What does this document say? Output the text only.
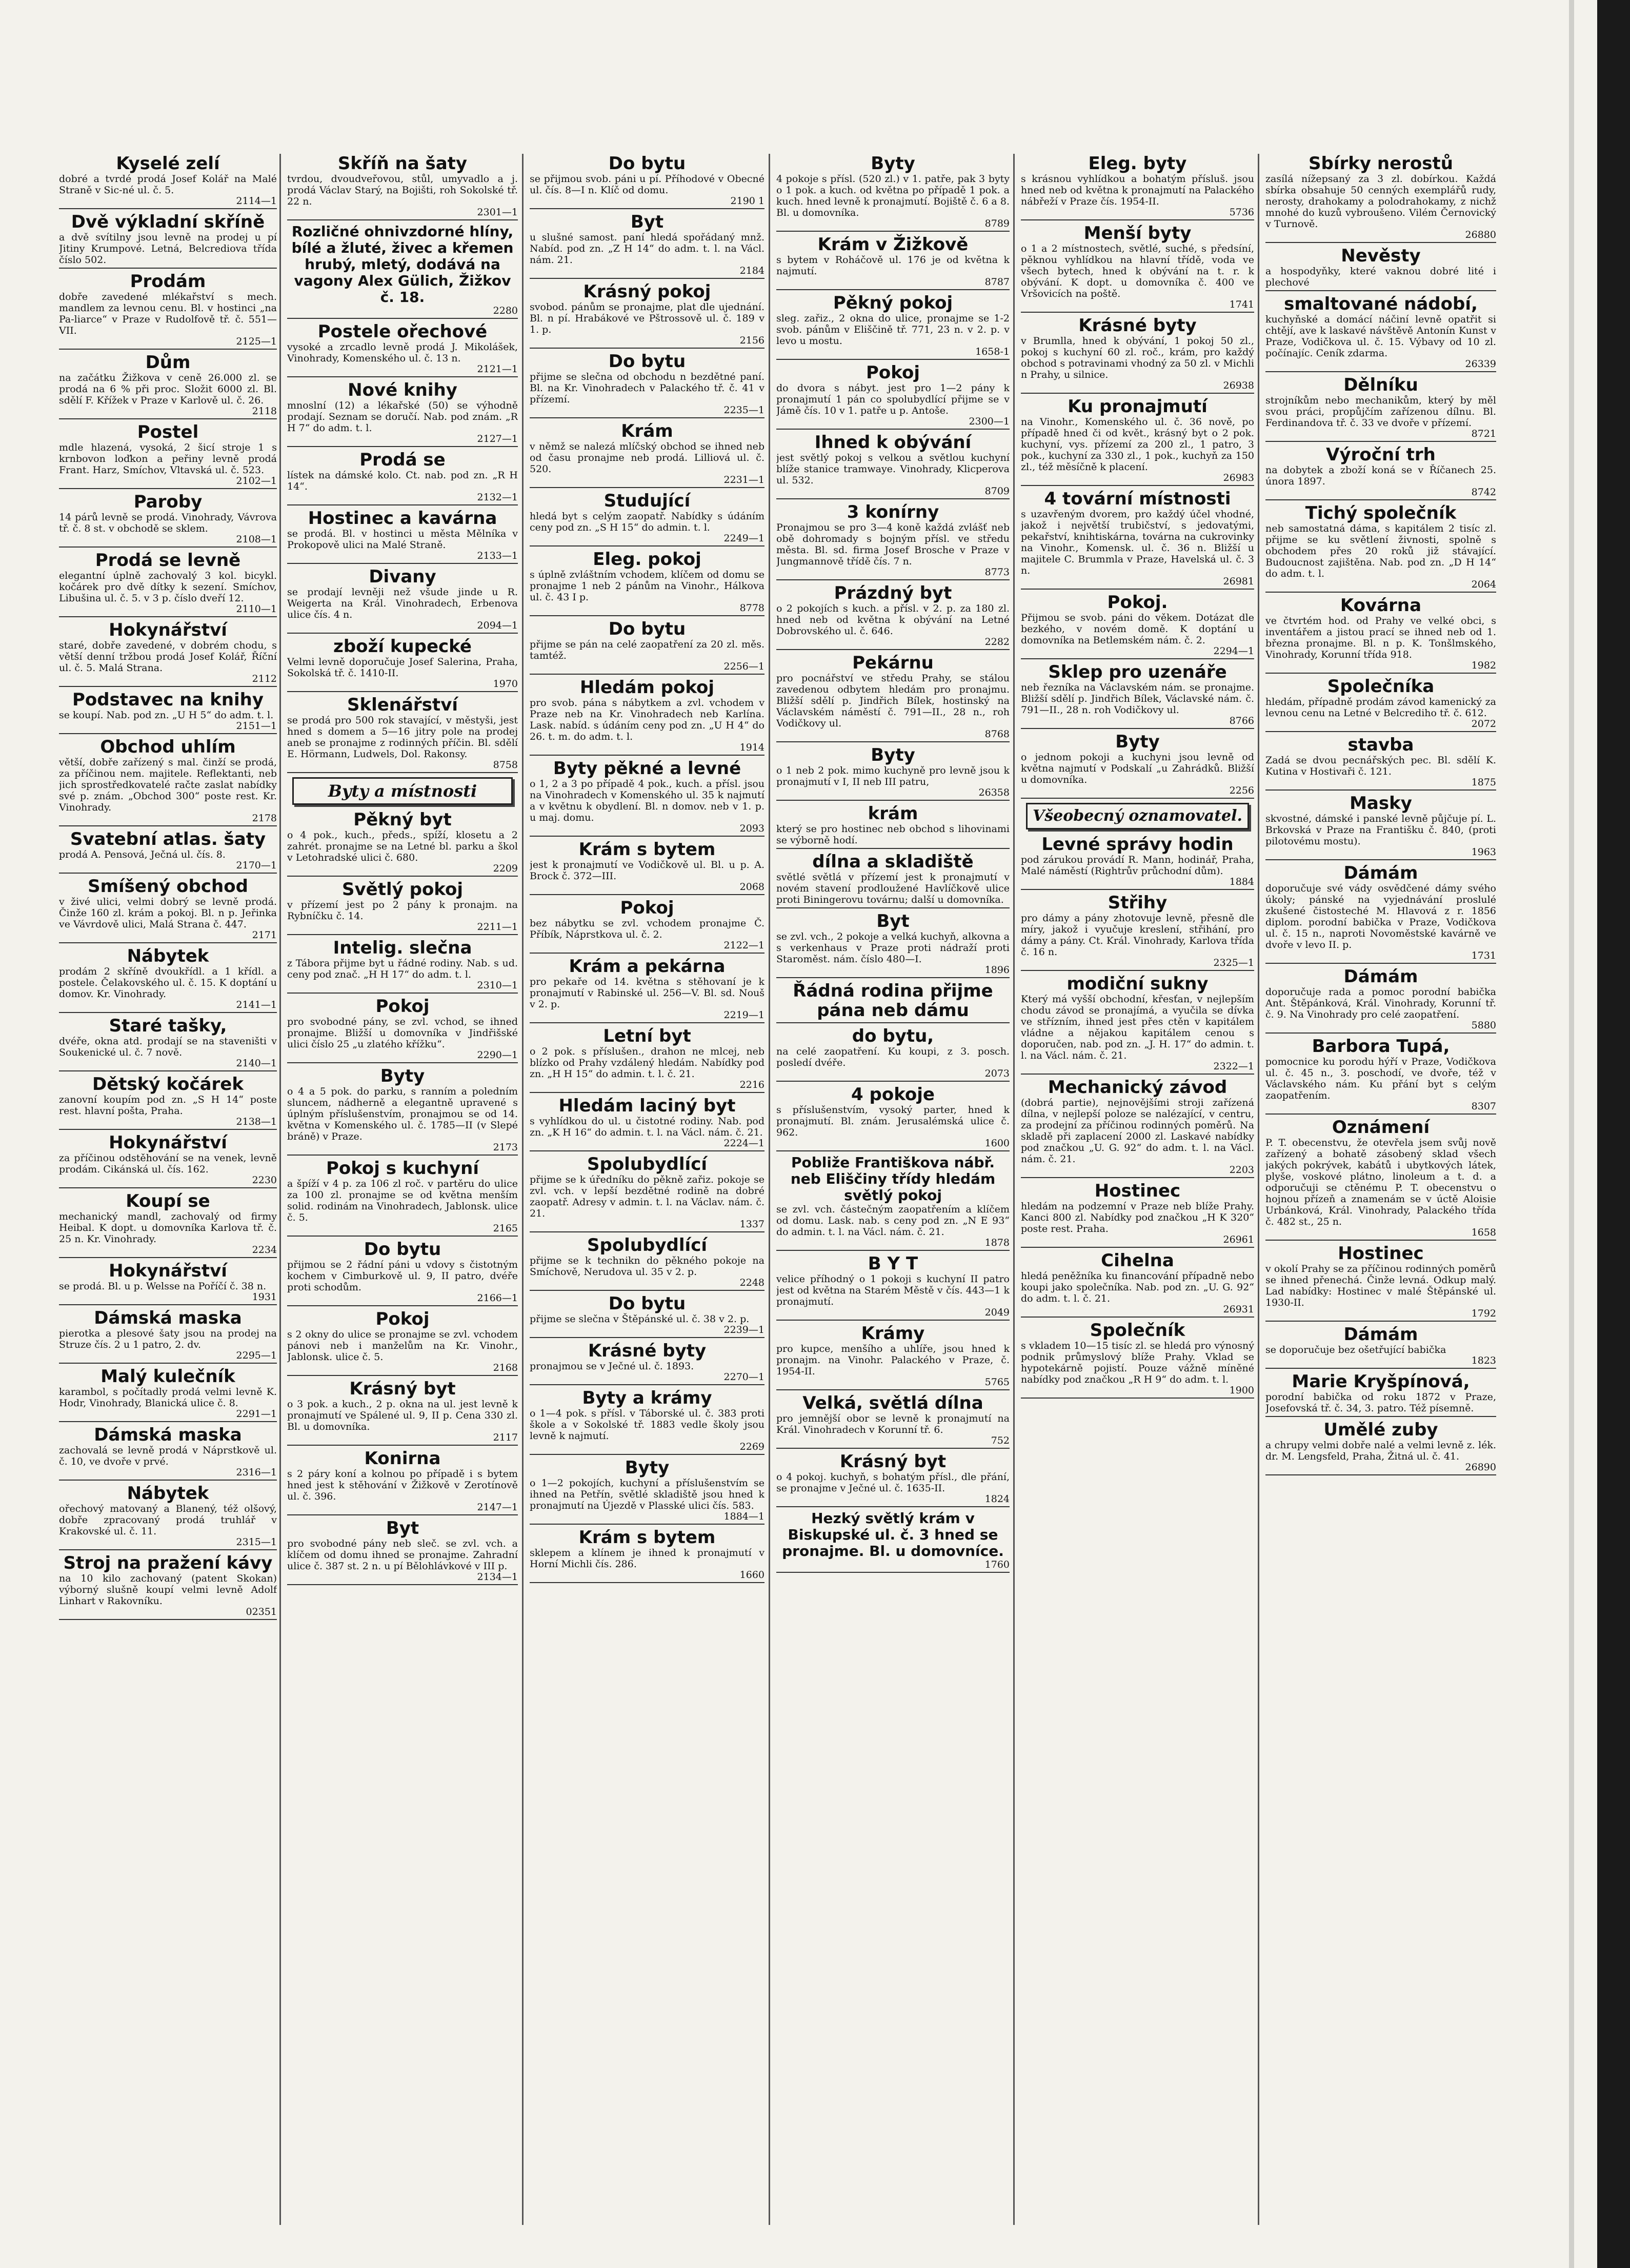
Kyselé zelí
dobré a tvrdé prodá Josef Kolář na Malé Straně v Sic-né ul. č. 5.
2114—1
Dvě výkladní skříně
a dvě svítilny jsou levně na prodej u pí Jitiny Krumpové. Letná, Belcrediova třída číslo 502.
Prodám
dobře zavedené mlékařství s mech. mandlem za levnou cenu. Bl. v hostinci „na Pa-liarce“ v Praze v Rudolfově tř. č. 551—VII.
2125—1
Dům
na začátku Žižkova v ceně 26.000 zl. se prodá na 6 % při proc. Složit 6000 zl. Bl. sdělí F. Křížek v Praze v Karlově ul. č. 26.
2118
Postel
mdle hlazená, vysoká, 2 šicí stroje 1 s krnbovon loďkon a peřiny levně prodá Frant. Harz, Smíchov, Vltavská ul. č. 523.
2102—1
Paroby
14 párů levně se prodá. Vinohrady, Vávrova tř. č. 8 st. v obchodě se sklem.
2108—1
Prodá se levně
elegantní úplně zachovalý 3 kol. bicykl. kočárek pro dvě dítky k sezení. Smíchov, Libušina ul. č. 5. v 3 p. číslo dveří 12.
2110—1
Hokynářství
staré, dobře zavedené, v dobrém chodu, s větší denní tržbou prodá Josef Kolář, Říční ul. č. 5. Malá Strana.
2112
Podstavec na knihy
se koupí. Nab. pod zn. „U H 5“ do adm. t. l.
2151—1
Obchod uhlím
větší, dobře zařízený s mal. činží se prodá, za příčinou nem. majitele. Reflektanti, neb jich sprostředkovatelé račte zaslat nabídky své p. znám. „Obchod 300“ poste rest. Kr. Vinohrady.
2178
Svatební atlas. šaty
prodá A. Pensová, Ječná ul. čís. 8.
2170—1
Smíšený obchod
v živé ulici, velmi dobrý se levně prodá. Činže 160 zl. krám a pokoj. Bl. n p. Jeřinka ve Vávrdově ulici, Malá Strana č. 447.
2171
Nábytek
prodám 2 skříně dvoukřídl. a 1 křídl. a postele. Čelakovského ul. č. 15. K doptání u domov. Kr. Vinohrady.
2141—1
Staré tašky,
dvéře, okna atd. prodají se na staveništi v Soukenické ul. č. 7 nově.
2140—1
Dětský kočárek
zanovní koupím pod zn. „S H 14“ poste rest. hlavní pošta, Praha.
2138—1
Hokynářství
za příčinou odstěhování se na venek, levně prodám. Cikánská ul. čís. 162.
2230
Koupí se
mechanický mandl, zachovalý od firmy Heibal. K dopt. u domovníka Karlova tř. č. 25 n. Kr. Vinohrady.
2234
Hokynářství
se prodá. Bl. u p. Welsse na Poříčí č. 38 n.
1931
Dámská maska
pierotka a plesové šaty jsou na prodej na Struze čís. 2 u 1 patro, 2. dv.
2295—1
Malý kulečník
karambol, s počítadly prodá velmi levně K. Hodr, Vinohrady, Blanická ulice č. 8.
2291—1
Dámská maska
zachovalá se levně prodá v Náprstkově ul. č. 10, ve dvoře v prvé.
2316—1
Nábytek
ořechový matovaný a Blanený, též olšový, dobře zpracovaný prodá truhlář v Krakovské ul. č. 11.
2315—1
Stroj na pražení kávy
na 10 kilo zachovaný (patent Skokan) výborný slušně koupí velmi levně Adolf Linhart v Rakovníku.
02351
Skříň na šaty
tvrdou, dvoudveřovou, stůl, umyvadlo a j. prodá Václav Starý, na Bojišti, roh Sokolské tř. 22 n.
2301—1
Rozličné ohnivzdorné hlíny, bílé a žluté, živec a křemen hrubý, mletý, dodává na vagony Alex Gülich, Žižkov č. 18.
2280
Postele ořechové
vysoké a zrcadlo levně prodá J. Mikolášek, Vinohrady, Komenského ul. č. 13 n.
2121—1
Nové knihy
mnoslní (12) a lékařské (50) se výhodně prodají. Seznam se doručí. Nab. pod znám. „R H 7“ do adm. t. l.
2127—1
Prodá se
lístek na dámské kolo. Ct. nab. pod zn. „R H 14“.
2132—1
Hostinec a kavárna
se prodá. Bl. v hostinci u města Mělníka v Prokopově ulici na Malé Straně.
2133—1
Divany
se prodají levněji než všude jinde u R. Weigerta na Král. Vinohradech, Erbenova ulice čís. 4 n.
2094—1
zboží kupecké
Velmi levně doporučuje Josef Salerina, Praha, Sokolská tř. č. 1410-II.
1970
Sklenářství
se prodá pro 500 rok stavající, v městyši, jest hned s domem a 5—16 jitry pole na prodej aneb se pronajme z rodinných příčin. Bl. sdělí E. Hörmann, Ludwels, Dol. Rakonsy.
8758
Byty a místnosti
Pěkný byt
o 4 pok., kuch., předs., spíží, klosetu a 2 zahrét. pronajme se na Letné bl. parku a škol v Letohradské ulici č. 680.
2209
Světlý pokoj
v přízemí jest po 2 pány k pronajm. na Rybníčku č. 14.
2211—1
Intelig. slečna
z Tábora přijme byt u řádné rodiny. Nab. s ud. ceny pod znač. „H H 17“ do adm. t. l.
2310—1
Pokoj
pro svobodné pány, se zvl. vchod, se ihned pronajme. Bližší u domovníka v Jindřišské ulici číslo 25 „u zlatého křížku“.
2290—1
Byty
o 4 a 5 pok. do parku, s ranním a poledním sluncem, nádherně a elegantně upravené s úplným příslušenstvím, pronajmou se od 14. května v Komenského ul. č. 1785—II (v Slepé bráně) v Praze.
2173
Pokoj s kuchyní
a špíží v 4 p. za 106 zl roč. v partěru do ulice za 100 zl. pronajme se od května menším solid. rodinám na Vinohradech, Jablonsk. ulice č. 5.
2165
Do bytu
přijmou se 2 řádní páni u vdovy s čistotným kochem v Cimburkově ul. 9, II patro, dvéře proti schodům.
2166—1
Pokoj
s 2 okny do ulice se pronajme se zvl. vchodem pánovi neb i manželům na Kr. Vinohr., Jablonsk. ulice č. 5.
2168
Krásný byt
o 3 pok. a kuch., 2 p. okna na ul. jest levně k pronajmutí ve Spálené ul. 9, II p. Cena 330 zl. Bl. u domovníka.
2117
Konirna
s 2 páry koní a kolnou po případě i s bytem hned jest k stěhování v Žižkově v Zerotínově ul. č. 396.
2147—1
Byt
pro svobodné pány neb sleč. se zvl. vch. a klíčem od domu ihned se pronajme. Zahradní ulice č. 387 st. 2 n. u pí Bělohlávkové v III p.
2134—1
Do bytu
se přijmou svob. páni u pí. Příhodové v Obecné ul. čís. 8—I n. Klíč od domu.
2190 1
Byt
u slušné samost. paní hledá spořádaný mnž. Nabíd. pod zn. „Z H 14“ do adm. t. l. na Václ. nám. 21.
2184
Krásný pokoj
svobod. pánům se pronajme, plat dle ujednání. Bl. n pí. Hrabákové ve Pštrossově ul. č. 189 v 1. p.
2156
Do bytu
přijme se slečna od obchodu n bezdětné paní. Bl. na Kr. Vinohradech v Palackého tř. č. 41 v přízemí.
2235—1
Krám
v němž se nalezá mlíčský obchod se ihned neb od času pronajme neb prodá. Lilliová ul. č. 520.
2231—1
Studující
hledá byt s celým zaopatř. Nabídky s údáním ceny pod zn. „S H 15“ do admin. t. l.
2249—1
Eleg. pokoj
s úplně zvláštním vchodem, klíčem od domu se pronajme 1 neb 2 pánům na Vinohr., Hálkova ul. č. 43 I p.
8778
Do bytu
přijme se pán na celé zaopatření za 20 zl. měs. tamtéž.
2256—1
Hledám pokoj
pro svob. pána s nábytkem a zvl. vchodem v Praze neb na Kr. Vinohradech neb Karlína. Lask. nabíd. s údáním ceny pod zn. „U H 4“ do 26. t. m. do adm. t. l.
1914
Byty pěkné a levné
o 1, 2 a 3 po případě 4 pok., kuch. a přísl. jsou na Vinohradech v Komenského ul. 35 k najmutí a v květnu k obydlení. Bl. n domov. neb v 1. p. u maj. domu.
2093
Krám s bytem
jest k pronajmutí ve Vodičkově ul. Bl. u p. A. Brock č. 372—III.
2068
Pokoj
bez nábytku se zvl. vchodem pronajme Č. Příbík, Náprstkova ul. č. 2.
2122—1
Krám a pekárna
pro pekaře od 14. května s stěhovaní je k pronajmutí v Rabinské ul. 256—V. Bl. sd. Nouš v 2. p.
2219—1
Letní byt
o 2 pok. s příslušen., drahon ne mlcej, neb blízko od Prahy vzdálený hledám. Nabídky pod zn. „H H 15“ do admin. t. l. č. 21.
2216
Hledám laciný byt
s vyhlídkou do ul. u čistotné rodiny. Nab. pod zn. „K H 16“ do admin. t. l. na Václ. nám. č. 21.
2224—1
Spolubydlící
přijme se k úředníku do pěkně zařiz. pokoje se zvl. vch. v lepší bezdětné rodině na dobré zaopatř. Adresy v admin. t. l. na Václav. nám. č. 21.
1337
Spolubydlící
přijme se k technikn do pěkného pokoje na Smíchově, Nerudova ul. 35 v 2. p.
2248
Do bytu
přijme se slečna v Štěpánské ul. č. 38 v 2. p.
2239—1
Krásné byty
pronajmou se v Ječné ul. č. 1893.
2270—1
Byty a krámy
o 1—4 pok. s přísl. v Táborské ul. č. 383 proti škole a v Sokolské tř. 1883 vedle školy jsou levně k najmutí.
2269
Byty
o 1—2 pokojích, kuchyní a příslušenstvím se ihned na Petřín, světlé skladiště jsou hned k pronajmutí na Újezdě v Plasské ulici čís. 583.
1884—1
Krám s bytem
sklepem a klínem je ihned k pronajmutí v Horní Michli čís. 286.
1660
Byty
4 pokoje s přísl. (520 zl.) v 1. patře, pak 3 byty o 1 pok. a kuch. od května po případě 1 pok. a kuch. hned levně k pronajmutí. Bojiště č. 6 a 8. Bl. u domovníka.
8789
Krám v Žižkově
s bytem v Roháčově ul. 176 je od května k najmutí.
8787
Pěkný pokoj
sleg. zařiz., 2 okna do ulice, pronajme se 1-2 svob. pánům v Eliščině tř. 771, 23 n. v 2. p. v levo u mostu.
1658-1
Pokoj
do dvora s nábyt. jest pro 1—2 pány k pronajmutí 1 pán co spolubydlící přijme se v Jámě čís. 10 v 1. patře u p. Antoše.
2300—1
Ihned k obývání
jest světlý pokoj s velkou a světlou kuchyní blíže stanice tramwaye. Vinohrady, Klicperova ul. 532.
8709
3 konírny
Pronajmou se pro 3—4 koně každá zvlášť neb obě dohromady s bojným přísl. ve středu města. Bl. sd. firma Josef Brosche v Praze v Jungmannově třídě čís. 7 n.
8773
Prázdný byt
o 2 pokojích s kuch. a přísl. v 2. p. za 180 zl. hned neb od května k obývání na Letné Dobrovského ul. č. 646.
2282
Pekárnu
pro pocnářství ve středu Prahy, se stálou zavedenou odbytem hledám pro pronajmu. Bližší sdělí p. Jindřich Bílek, hostinský na Václavském náměstí č. 791—II., 28 n., roh Vodičkovy ul.
8768
Byty
o 1 neb 2 pok. mimo kuchyně pro levně jsou k pronajmutí v I, II neb III patru,
26358
krám
který se pro hostinec neb obchod s lihovinami se výborně hodí.
dílna a skladiště
světlé světlá v přízemí jest k pronajmutí v novém stavení prodloužené Havlíčkově ulice proti Biningerovu továrnu; další u domovníka.
Byt
se zvl. vch., 2 pokoje a velká kuchyň, alkovna a s verkenhaus v Praze proti nádraží proti Staroměst. nám. číslo 480—I.
1896
Řádná rodina přijme pána neb dámu
do bytu,
na celé zaopatření. Ku koupi, z 3. posch. posledí dvéře.
2073
4 pokoje
s příslušenstvím, vysoký parter, hned k pronajmutí. Bl. znám. Jerusalémská ulice č. 962.
1600
Pobliže Františkova nábř. neb Eliščiny třídy hledám světlý pokoj
se zvl. vch. částečným zaopatřením a klíčem od domu. Lask. nab. s ceny pod zn. „N E 93“ do admin. t. l. na Václ. nám. č. 21.
1878
B Y T
velice příhodný o 1 pokoji s kuchyní II patro jest od května na Starém Městě v čís. 443—1 k pronajmutí.
2049
Krámy
pro kupce, menšího a uhlíře, jsou hned k pronajm. na Vinohr. Palackého v Praze, č. 1954-II.
5765
Velká, světlá dílna
pro jemnější obor se levně k pronajmutí na Král. Vinohradech v Korunní tř. 6.
752
Krásný byt
o 4 pokoj. kuchyň, s bohatým přísl., dle přání, se pronajme v Ječné ul. č. 1635-II.
1824
Hezký světlý krám v Biskupské ul. č. 3 hned se pronajme. Bl. u domovníce.
1760
Eleg. byty
s krásnou vyhlídkou a bohatým přísluš. jsou hned neb od května k pronajmutí na Palackého nábřeží v Praze čís. 1954-II.
5736
Menší byty
o 1 a 2 místnostech, světlé, suché, s předsíní, pěknou vyhlídkou na hlavní třídě, voda ve všech bytech, hned k obývání na t. r. k obývání. K dopt. u domovníka č. 400 ve Vršovicích na poště.
1741
Krásné byty
v Brumlla, hned k obývání, 1 pokoj 50 zl., pokoj s kuchyní 60 zl. roč., krám, pro každý obchod s potravinami vhodný za 50 zl. v Michli n Prahy, u silnice.
26938
Ku pronajmutí
na Vinohr., Komenského ul. č. 36 nově, po případě hned či od květ., krásný byt o 2 pok. kuchyní, vys. přízemí za 200 zl., 1 patro, 3 pok., kuchyní za 330 zl., 1 pok., kuchyň za 150 zl., též měsíčně k placení.
26983
4 tovární místnosti
s uzavřeným dvorem, pro každý účel vhodné, jakož i největší trubičství, s jedovatými, pekařství, knihtiskárna, továrna na cukrovinky na Vinohr., Komensk. ul. č. 36 n. Bližší u majitele C. Brummla v Praze, Havelská ul. č. 3 n.
26981
Pokoj.
Přijmou se svob. páni do věkem. Dotázat dle bezkého, v novém domě. K doptání u domovníka na Betlemském nám. č. 2.
2294—1
Sklep pro uzenáře
neb řezníka na Václavském nám. se pronajme. Bližší sdělí p. Jindřich Bílek, Václavské nám. č. 791—II., 28 n. roh Vodičkovy ul.
8766
Byty
o jednom pokoji a kuchyni jsou levně od května najmutí v Podskalí „u Zahrádků. Bližší u domovníka.
2256
Všeobecný oznamovatel.
Levné správy hodin
pod zárukou provádí R. Mann, hodinář, Praha, Malé náměstí (Rightrův průchodní dům).
1884
Střihy
pro dámy a pány zhotovuje levně, přesně dle míry, jakož i vyučuje kreslení, střihání, pro dámy a pány. Ct. Král. Vinohrady, Karlova třída č. 16 n.
2325—1
modiční sukny
Který má vyšší obchodní, křesťan, v nejlepším chodu závod se pronajímá, a vyučila se dívka ve střízním, ihned jest přes ctěn v kapitálem vládne a nějakou kapitálem cenou s doporučen, nab. pod zn. „J. H. 17“ do admin. t. l. na Václ. nám. č. 21.
2322—1
Mechanický závod
(dobrá partie), nejnovějšími stroji zařízená dílna, v nejlepší poloze se nalézající, v centru, za prodejní za příčinou rodinných poměrů. Na skladě při zaplacení 2000 zl. Laskavé nabídky pod značkou „U. G. 92“ do adm. t. l. na Václ. nám. č. 21.
2203
Hostinec
hledám na podzemní v Praze neb blíže Prahy. Kanci 800 zl. Nabídky pod značkou „H K 320“ poste rest. Praha.
26961
Cihelna
hledá peněžníka ku financování případně nebo koupi jako společníka. Nab. pod zn. „U. G. 92“ do adm. t. l. č. 21.
26931
Společník
s vkladem 10—15 tisíc zl. se hledá pro výnosný podnik průmyslový blíže Prahy. Vklad se hypotekárně pojistí. Pouze vážně míněné nabídky pod značkou „R H 9“ do adm. t. l.
1900
Sbírky nerostů
zasílá nížepsaný za 3 zl. dobírkou. Každá sbírka obsahuje 50 cenných exemplářů rudy, nerosty, drahokamy a polodrahokamy, z nichž mnohé do kuzů vybroušeno. Vilém Černovický v Turnově.
26880
Nevěsty
a hospodyňky, které vaknou dobré lité i plechové
smaltované nádobí,
kuchyňské a domácí náčiní levně opatřit si chtějí, ave k laskavé návštěvě Antonín Kunst v Praze, Vodičkova ul. č. 15. Výbavy od 10 zl. počínajíc. Ceník zdarma.
26339
Dělníku
strojníkům nebo mechanikům, který by měl svou práci, propůjčím zařízenou dílnu. Bl. Ferdinandova tř. č. 33 ve dvoře v přízemí.
8721
Výroční trh
na dobytek a zboží koná se v Říčanech 25. února 1897.
8742
Tichý společník
neb samostatná dáma, s kapitálem 2 tisíc zl. přijme se ku světlení živnosti, spolně s obchodem přes 20 roků již stávající. Budoucnost zajištěna. Nab. pod zn. „D H 14“ do adm. t. l.
2064
Kovárna
ve čtvrtém hod. od Prahy ve velké obci, s inventářem a jistou prací se ihned neb od 1. března pronajme. Bl. n p. K. Tonšlmského, Vinohrady, Korunní třída 918.
1982
Společníka
hledám, případně prodám závod kamenický za levnou cenu na Letné v Belcrediho tř. č. 612.
2072
stavba
Zadá se dvou pecnářských pec. Bl. sdělí K. Kutina v Hostivaři č. 121.
1875
Masky
skvostné, dámské i panské levně půjčuje pí. L. Brkovská v Praze na Františku č. 840, (proti pilotovému mostu).
1963
Dámám
doporučuje své vády osvědčené dámy svého úkoly; pánské na vyjednávání proslulé zkušené čistosteché M. Hlavová z r. 1856 diplom. porodní babička v Praze, Vodičkova ul. č. 15 n., naproti Novoměstské kavárně ve dvoře v levo II. p.
1731
Dámám
doporučuje rada a pomoc porodní babička Ant. Štěpánková, Král. Vinohrady, Korunní tř. č. 9. Na Vinohrady pro celé zaopatření.
5880
Barbora Tupá,
pomocnice ku porodu hýří v Praze, Vodičkova ul. č. 45 n., 3. poschodí, ve dvoře, též v Václavského nám. Ku přání byt s celým zaopatřením.
8307
Oznámení
P. T. obecenstvu, že otevřela jsem svůj nově zařízený a bohatě zásobený sklad všech jakých pokrývek, kabátů i ubytkových látek, plyše, voskové plátno, linoleum a t. d. a odporučuji se ctěnému P. T. obecenstvu o hojnou přízeň a znamenám se v úctě Aloisie Urbánková, Král. Vinohrady, Palackého třída č. 482 st., 25 n.
1658
Hostinec
v okolí Prahy se za příčinou rodinných poměrů se ihned přenechá. Činže levná. Odkup malý. Lad nabídky: Hostinec v malé Štěpánské ul. 1930-II.
1792
Dámám
se doporučuje bez ošetřující babička
1823
Marie Kryšpínová,
porodní babička od roku 1872 v Praze, Josefovská tř. č. 34, 3. patro. Též písemně.
Umělé zuby
a chrupy velmi dobře nalé a velmi levně z. lék. dr. M. Lengsfeld, Praha, Žitná ul. č. 41.
26890
